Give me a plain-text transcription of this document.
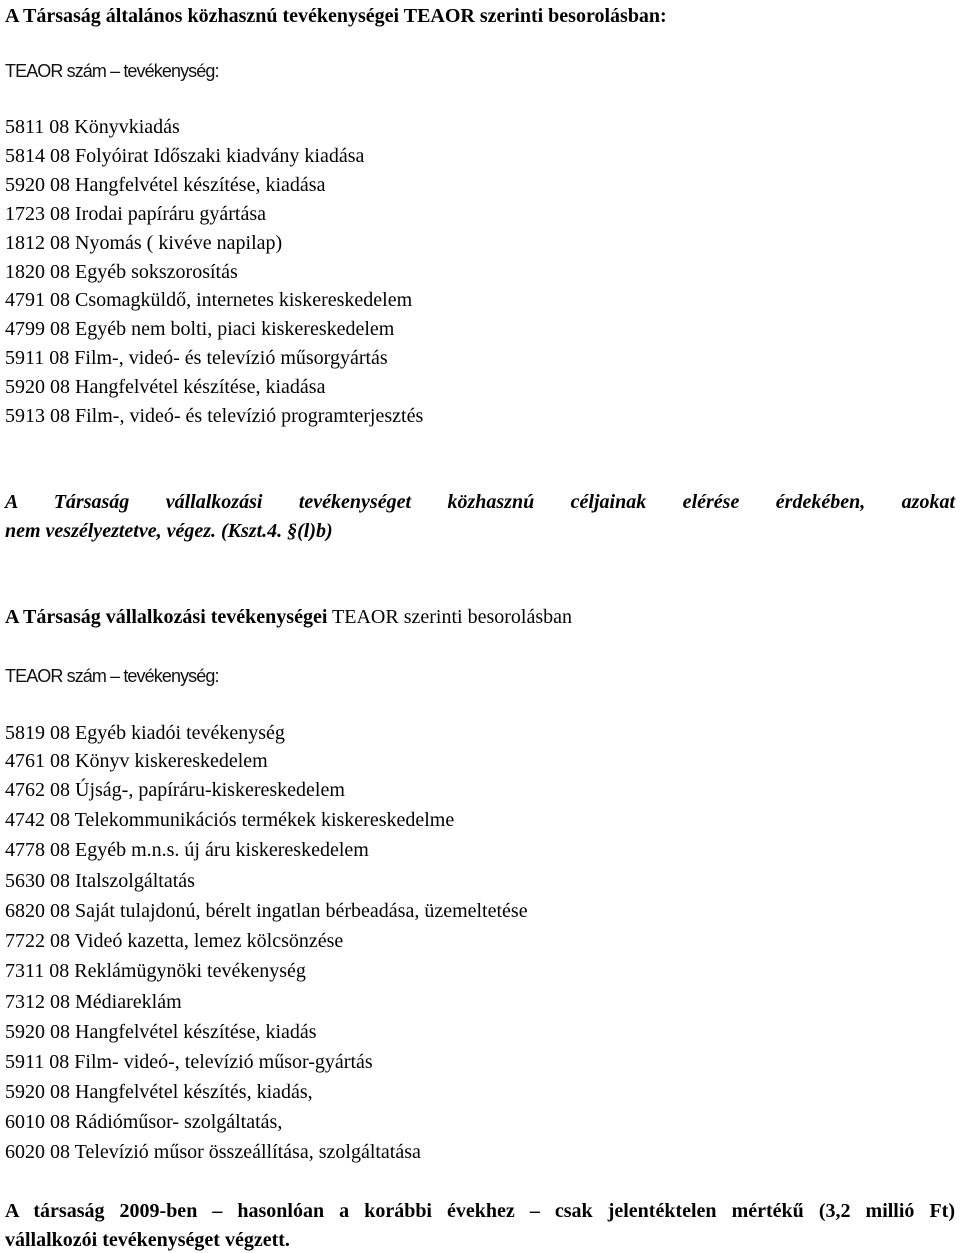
A Társaság általános közhasznú tevékenységei TEAOR szerinti besorolásban:
TEAOR szám – tevékenység:
5811 08 Könyvkiadás
5814 08 Folyóirat Időszaki kiadvány kiadása
5920 08 Hangfelvétel készítése, kiadása
1723 08 Irodai papíráru gyártása
1812 08 Nyomás ( kivéve napilap)
1820 08 Egyéb sokszorosítás
4791 08 Csomagküldő, internetes kiskereskedelem
4799 08 Egyéb nem bolti, piaci kiskereskedelem
5911 08 Film-, videó- és televízió műsorgyártás
5920 08 Hangfelvétel készítése, kiadása
5913 08 Film-, videó- és televízió programterjesztés
A Társaság vállalkozási tevékenységet közhasznú céljainak elérése érdekében, azokat
nem veszélyeztetve, végez. (Kszt.4. §(l)b)
A Társaság vállalkozási tevékenységei TEAOR szerinti besorolásban
TEAOR szám – tevékenység:
5819 08 Egyéb kiadói tevékenység
4761 08 Könyv kiskereskedelem
4762 08 Újság-, papíráru-kiskereskedelem
4742 08 Telekommunikációs termékek kiskereskedelme
4778 08 Egyéb m.n.s. új áru kiskereskedelem
5630 08 Italszolgáltatás
6820 08 Saját tulajdonú, bérelt ingatlan bérbeadása, üzemeltetése
7722 08 Videó kazetta, lemez kölcsönzése
7311 08 Reklámügynöki tevékenység
7312 08 Médiareklám
5920 08 Hangfelvétel készítése, kiadás
5911 08 Film- videó-, televízió műsor-gyártás
5920 08 Hangfelvétel készítés, kiadás,
6010 08 Rádióműsor- szolgáltatás,
6020 08 Televízió műsor összeállítása, szolgáltatása
A társaság 2009-ben – hasonlóan a korábbi évekhez – csak jelentéktelen mértékű (3,2 millió Ft)
vállalkozói tevékenységet végzett.
